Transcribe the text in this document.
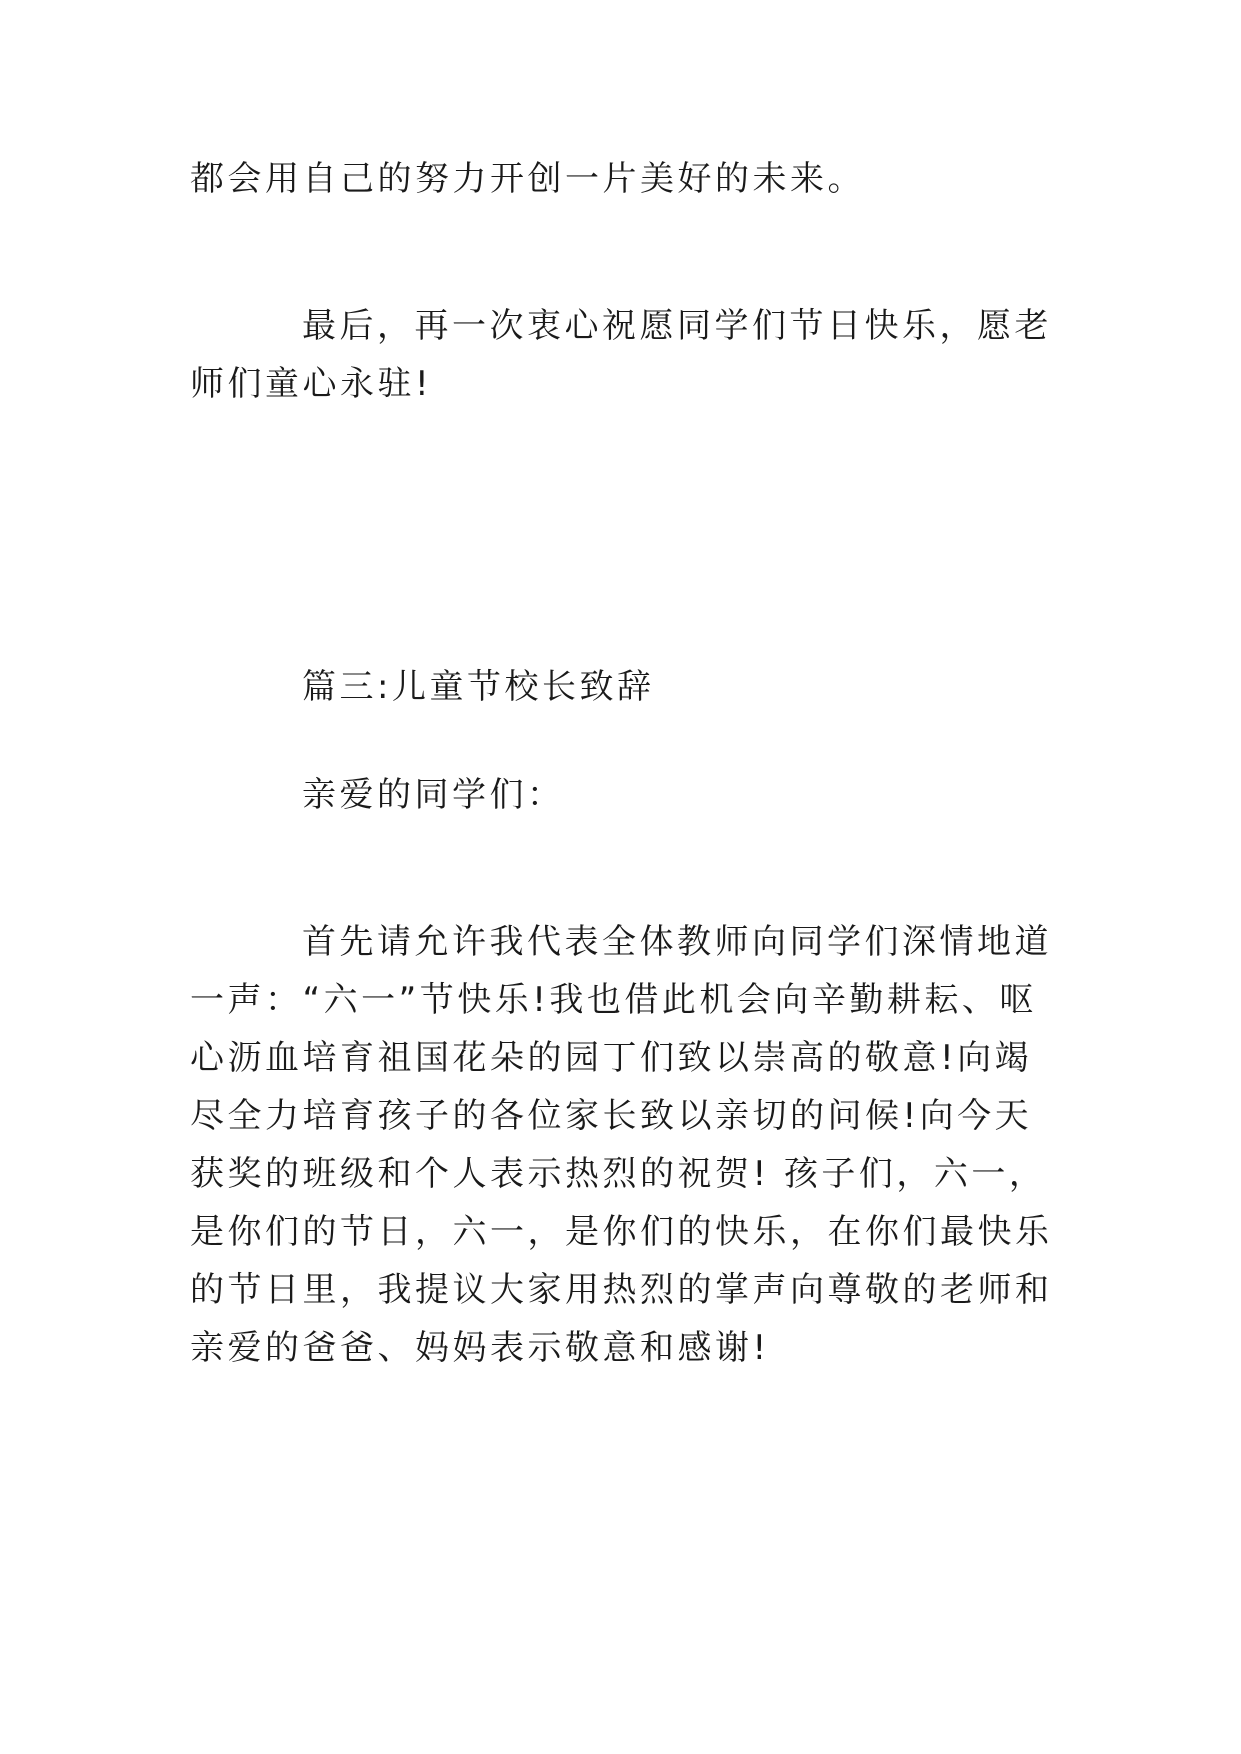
都会用自己的努力开创一片美好的未来。

最后，再一次衷心祝愿同学们节日快乐，愿老师们童心永驻!

篇三:儿童节校长致辞

亲爱的同学们：

首先请允许我代表全体教师向同学们深情地道一声：“六一”节快乐!我也借此机会向辛勤耕耘、呕心沥血培育祖国花朵的园丁们致以崇高的敬意!向竭尽全力培育孩子的各位家长致以亲切的问候!向今天获奖的班级和个人表示热烈的祝贺! 孩子们，六一，是你们的节日，六一，是你们的快乐，在你们最快乐的节日里，我提议大家用热烈的掌声向尊敬的老师和亲爱的爸爸、妈妈表示敬意和感谢!
